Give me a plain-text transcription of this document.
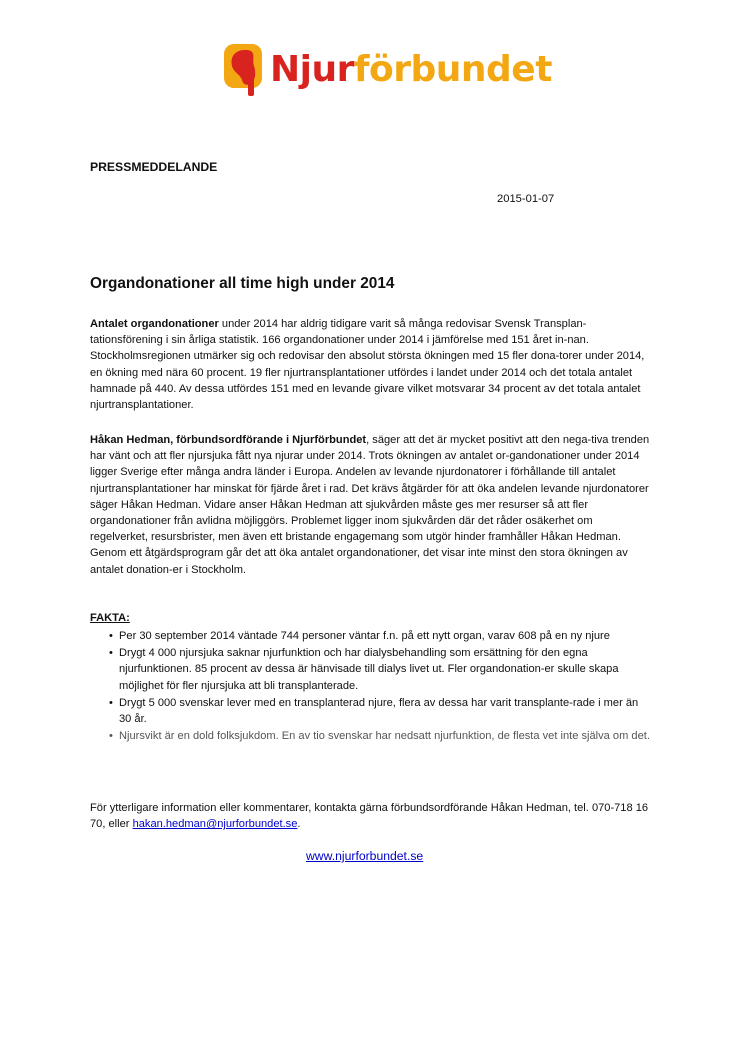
Njurförbundet

PRESSMEDDELANDE

2015-01-07

Organdonationer all time high under 2014

Antalet organdonationer under 2014 har aldrig tidigare varit så många redovisar Svensk Transplan-tationsförening i sin årliga statistik. 166 organdonationer under 2014 i jämförelse med 151 året in-nan. Stockholmsregionen utmärker sig och redovisar den absolut största ökningen med 15 fler dona-torer under 2014, en ökning med nära 60 procent. 19 fler njurtransplantationer utfördes i landet under 2014 och det totala antalet hamnade på 440. Av dessa utfördes 151 med en levande givare vilket motsvarar 34 procent av det totala antalet njurtransplantationer.

Håkan Hedman, förbundsordförande i Njurförbundet, säger att det är mycket positivt att den nega-tiva trenden har vänt och att fler njursjuka fått nya njurar under 2014. Trots ökningen av antalet or-gandonationer under 2014 ligger Sverige efter många andra länder i Europa. Andelen av levande njurdonatorer i förhållande till antalet njurtransplantationer har minskat för fjärde året i rad. Det krävs åtgärder för att öka andelen levande njurdonatorer säger Håkan Hedman. Vidare anser Håkan Hedman att sjukvården måste ges mer resurser så att fler organdonationer från avlidna möjliggörs. Problemet ligger inom sjukvården där det råder osäkerhet om regelverket, resursbrister, men även ett bristande engagemang som utgör hinder framhåller Håkan Hedman. Genom ett åtgärdsprogram går det att öka antalet organdonationer, det visar inte minst den stora ökningen av antalet donation-er i Stockholm.

FAKTA:

• Per 30 september 2014 väntade 744 personer väntar f.n. på ett nytt organ, varav 608 på en ny njure
• Drygt 4 000 njursjuka saknar njurfunktion och har dialysbehandling som ersättning för den egna njurfunktionen. 85 procent av dessa är hänvisade till dialys livet ut. Fler organdonation-er skulle skapa möjlighet för fler njursjuka att bli transplanterade.
• Drygt 5 000 svenskar lever med en transplanterad njure, flera av dessa har varit transplante-rade i mer än 30 år.
• Njursvikt är en dold folksjukdom. En av tio svenskar har nedsatt njurfunktion, de flesta vet inte själva om det.

För ytterligare information eller kommentarer, kontakta gärna förbundsordförande Håkan Hedman, tel. 070-718 16 70, eller hakan.hedman@njurforbundet.se.

www.njurforbundet.se
